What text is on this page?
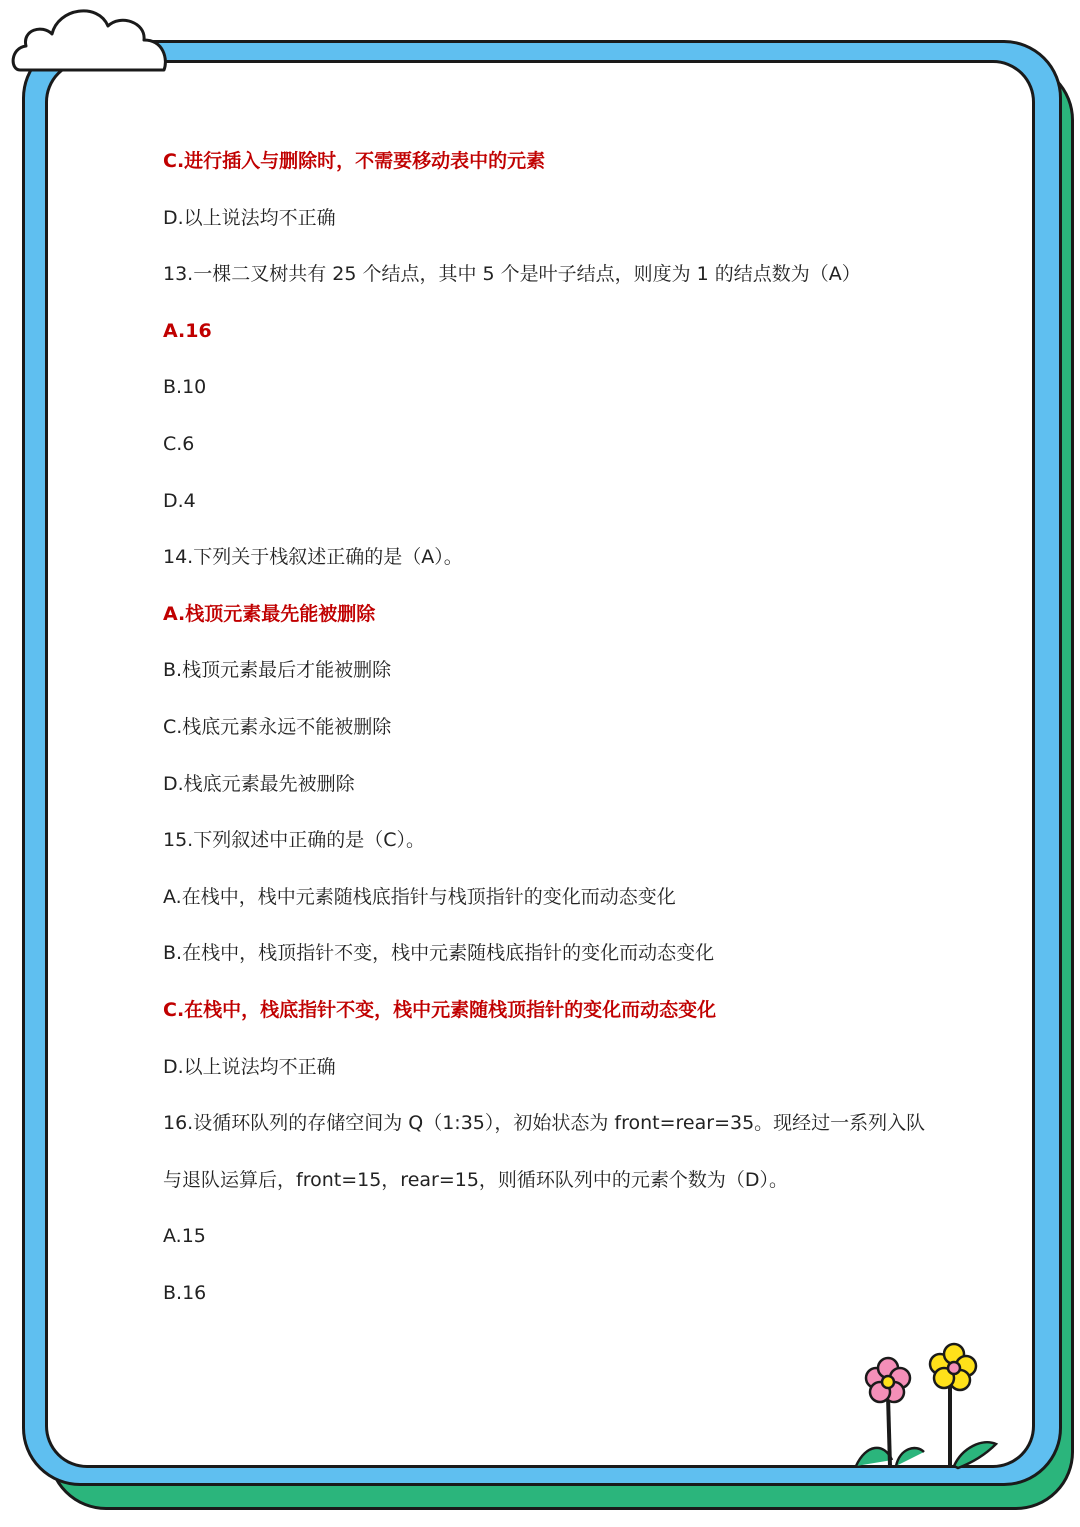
C.进行插入与删除时，不需要移动表中的元素
D.以上说法均不正确
13.一棵二叉树共有 25 个结点，其中 5 个是叶子结点，则度为 1 的结点数为（A）
A.16
B.10
C.6
D.4
14.下列关于栈叙述正确的是（A）。
A.栈顶元素最先能被删除
B.栈顶元素最后才能被删除
C.栈底元素永远不能被删除
D.栈底元素最先被删除
15.下列叙述中正确的是（C）。
A.在栈中，栈中元素随栈底指针与栈顶指针的变化而动态变化
B.在栈中，栈顶指针不变，栈中元素随栈底指针的变化而动态变化
C.在栈中，栈底指针不变，栈中元素随栈顶指针的变化而动态变化
D.以上说法均不正确
16.设循环队列的存储空间为 Q（1:35），初始状态为 front=rear=35。现经过一系列入队
与退队运算后，front=15，rear=15，则循环队列中的元素个数为（D）。
A.15
B.16
